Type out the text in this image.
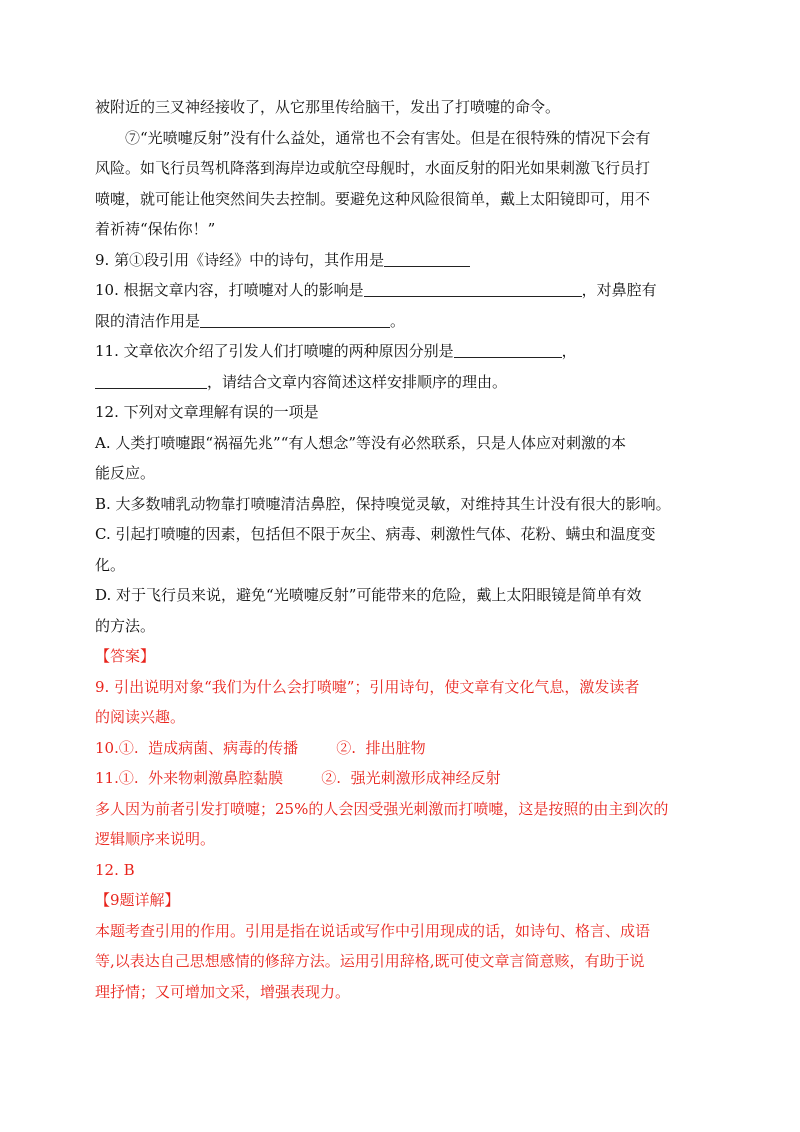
被附近的三叉神经接收了，从它那里传给脑干，发出了打喷嚏的命令。
⑦“光喷嚏反射”没有什么益处，通常也不会有害处。但是在很特殊的情况下会有
风险。如飞行员驾机降落到海岸边或航空母舰时，水面反射的阳光如果刺激飞行员打
喷嚏，就可能让他突然间失去控制。要避免这种风险很简单，戴上太阳镜即可，用不
着祈祷“保佑你！”
9. 第①段引用《诗经》中的诗句，其作用是
10. 根据文章内容，打喷嚏对人的影响是	，对鼻腔有
限的清洁作用是	。
11. 文章依次介绍了引发人们打喷嚏的两种原因分别是	，
，请结合文章内容简述这样安排顺序的理由。
12. 下列对文章理解有误的一项是
A. 人类打喷嚏跟“祸福先兆”“有人想念”等没有必然联系，只是人体应对刺激的本
能反应。
B. 大多数哺乳动物靠打喷嚏清洁鼻腔，保持嗅觉灵敏，对维持其生计没有很大的影响。
C. 引起打喷嚏的因素，包括但不限于灰尘、病毒、刺激性气体、花粉、螨虫和温度变
化。
D. 对于飞行员来说，避免“光喷嚏反射”可能带来的危险，戴上太阳眼镜是简单有效
的方法。
【答案】
9. 引出说明对象“我们为什么会打喷嚏”；引用诗句，使文章有文化气息，激发读者
的阅读兴趣。
10.①.  造成病菌、病毒的传播        ②.  排出脏物
11.①.  外来物刺激鼻腔黏膜        ②.  强光刺激形成神经反射
多人因为前者引发打喷嚏；25%的人会因受强光刺激而打喷嚏，这是按照的由主到次的
逻辑顺序来说明。
12. B
【9题详解】
本题考查引用的作用。引用是指在说话或写作中引用现成的话，如诗句、格言、成语
等,以表达自己思想感情的修辞方法。运用引用辞格,既可使文章言简意赅，有助于说
理抒情；又可增加文采，增强表现力。
